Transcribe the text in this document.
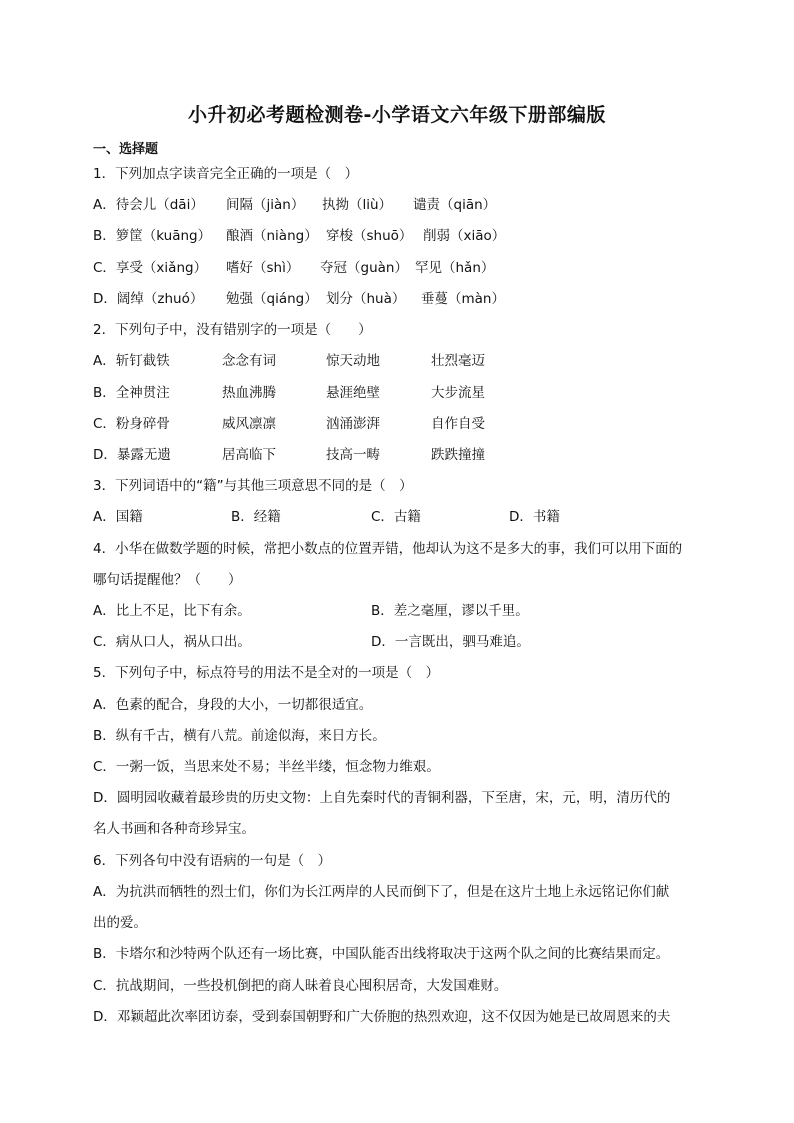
小升初必考题检测卷-小学语文六年级下册部编版
一、选择题
1．下列加点字读音完全正确的一项是（　）
A．待会儿（dāi） 间隔（jiàn） 执拗（liù） 谴责（qiān）
B．箩筐（kuāng） 酿酒（niàng） 穿梭（shuō） 削弱（xiāo）
C．享受（xiǎng） 嗜好（shì） 夺冠（guàn） 罕见（hǎn）
D．阔绰（zhuó） 勉强（qiáng） 划分（huà） 垂蔓（màn）
2．下列句子中，没有错别字的一项是（　　）
A．斩钉截铁	念念有词	惊天动地	壮烈毫迈
B．全神贯注	热血沸腾	悬涯绝壁	大步流星
C．粉身碎骨	威风凛凛	汹涌澎湃	自作自受
D．暴露无遗	居高临下	技高一畴	跌跌撞撞
3．下列词语中的“籍”与其他三项意思不同的是（　）
A．国籍	B．经籍	C．古籍	D．书籍
4．小华在做数学题的时候，常把小数点的位置弄错，他却认为这不是多大的事，我们可以用下面的
哪句话提醒他？（　　）
A．比上不足，比下有余。	B．差之毫厘，谬以千里。
C．病从口人，祸从口出。	D．一言既出，驷马难追。
5．下列句子中，标点符号的用法不是全对的一项是（　）
A．色素的配合，身段的大小，一切都很适宜。
B．纵有千古，横有八荒。前途似海，来日方长。
C．一粥一饭，当思来处不易；半丝半缕，恒念物力维艰。
D．圆明园收藏着最珍贵的历史文物：上自先秦时代的青铜利器，下至唐，宋，元，明，清历代的
名人书画和各种奇珍异宝。
6．下列各句中没有语病的一句是（　）
A．为抗洪而牺牲的烈士们，你们为长江两岸的人民而倒下了，但是在这片土地上永远铭记你们献
出的爱。
B．卡塔尔和沙特两个队还有一场比赛，中国队能否出线将取决于这两个队之间的比赛结果而定。
C．抗战期间，一些投机倒把的商人昧着良心囤积居奇，大发国难财。
D．邓颖超此次率团访泰，受到泰国朝野和广大侨胞的热烈欢迎，这不仅因为她是已故周恩来的夫
